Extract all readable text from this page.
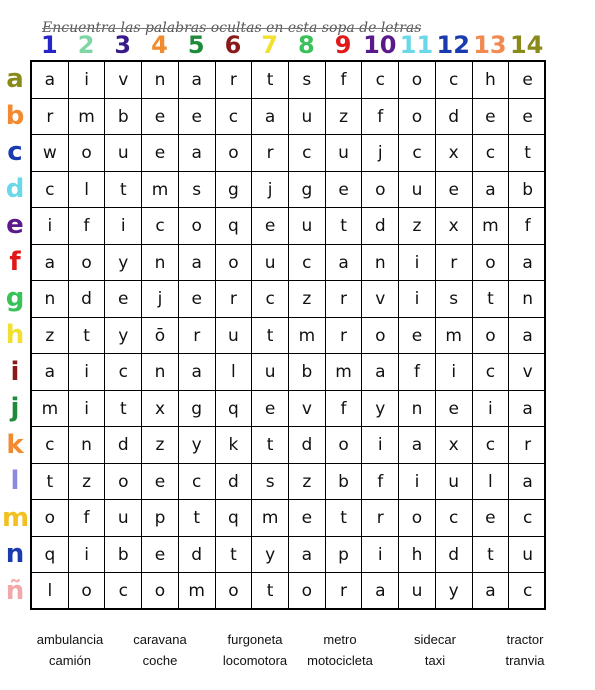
Encuentra las palabras ocultas en esta sopa de letras
1 2 3 4 5 6 7 8 9 10 11 12 13 14
a
b
c
d
e
f
g
h
i
j
k
l
m
n
ñ
a	i	v	n	a	r	t	s	f	c	o	c	h	e
r	m	b	e	e	c	a	u	z	f	o	d	e	e
w	o	u	e	a	o	r	c	u	j	c	x	c	t
c	l	t	m	s	g	j	g	e	o	u	e	a	b
i	f	i	c	o	q	e	u	t	d	z	x	m	f
a	o	y	n	a	o	u	c	a	n	i	r	o	a
n	d	e	j	e	r	c	z	r	v	i	s	t	n
z	t	y	ō	r	u	t	m	r	o	e	m	o	a
a	i	c	n	a	l	u	b	m	a	f	i	c	v
m	i	t	x	g	q	e	v	f	y	n	e	i	a
c	n	d	z	y	k	t	d	o	i	a	x	c	r
t	z	o	e	c	d	s	z	b	f	i	u	l	a
o	f	u	p	t	q	m	e	t	r	o	c	e	c
q	i	b	e	d	t	y	a	p	i	h	d	t	u
l	o	c	o	m	o	t	o	r	a	u	y	a	c
ambulancia	caravana	furgoneta	metro	sidecar	tractor
camión	coche	locomotora	motocicleta	taxi	tranvia
